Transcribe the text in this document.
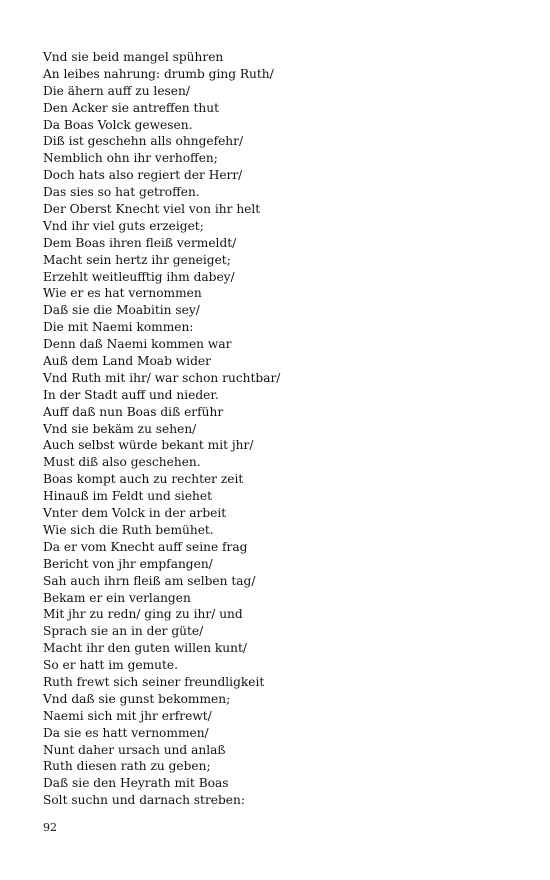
Vnd sie beid mangel spühren
An leibes nahrung: drumb ging Ruth/
Die ähern auff zu lesen/
Den Acker sie antreffen thut
Da Boas Volck gewesen.
Diß ist geschehn alls ohngefehr/
Nemblich ohn ihr verhoffen;
Doch hats also regiert der Herr/
Das sies so hat getroffen.
Der Oberst Knecht viel von ihr helt
Vnd ihr viel guts erzeiget;
Dem Boas ihren fleiß vermeldt/
Macht sein hertz ihr geneiget;
Erzehlt weitleufftig ihm dabey/
Wie er es hat vernommen
Daß sie die Moabitin sey/
Die mit Naemi kommen:
Denn daß Naemi kommen war
Auß dem Land Moab wider
Vnd Ruth mit ihr/ war schon ruchtbar/
In der Stadt auff und nieder.
Auff daß nun Boas diß erführ
Vnd sie bekäm zu sehen/
Auch selbst würde bekant mit jhr/
Must diß also geschehen.
Boas kompt auch zu rechter zeit
Hinauß im Feldt und siehet
Vnter dem Volck in der arbeit
Wie sich die Ruth bemühet.
Da er vom Knecht auff seine frag
Bericht von jhr empfangen/
Sah auch ihrn fleiß am selben tag/
Bekam er ein verlangen
Mit jhr zu redn/ ging zu ihr/ und
Sprach sie an in der güte/
Macht ihr den guten willen kunt/
So er hatt im gemute.
Ruth frewt sich seiner freundligkeit
Vnd daß sie gunst bekommen;
Naemi sich mit jhr erfrewt/
Da sie es hatt vernommen/
Nunt daher ursach und anlaß
Ruth diesen rath zu geben;
Daß sie den Heyrath mit Boas
Solt suchn und darnach streben:
92
